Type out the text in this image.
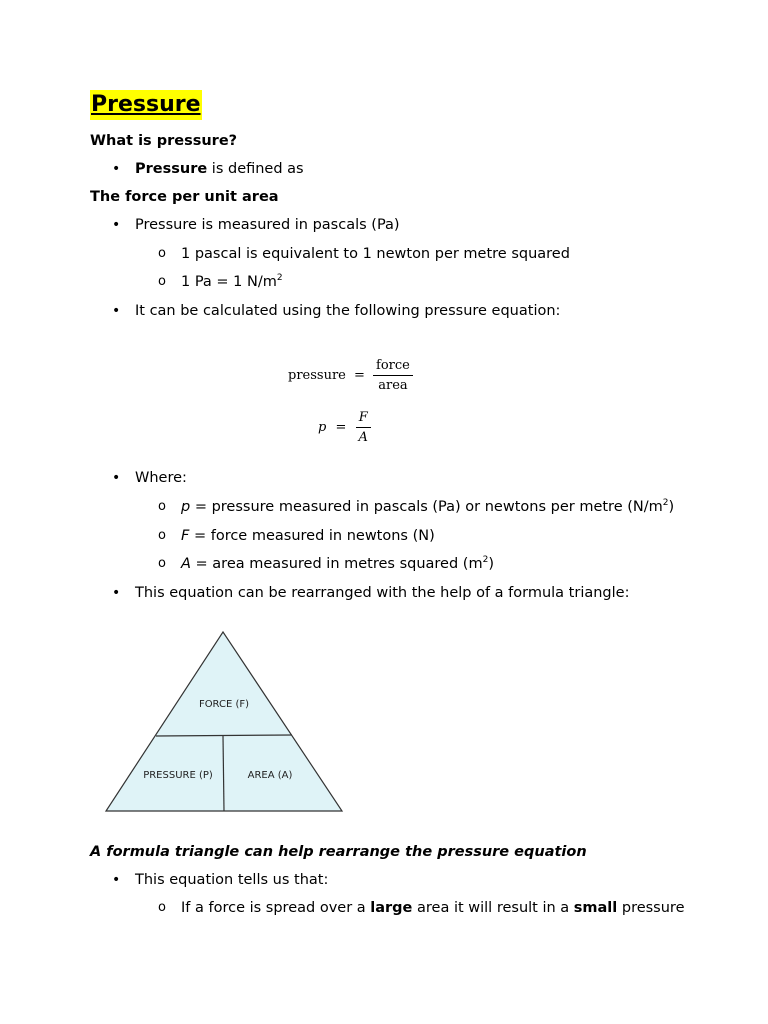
Pressure
What is pressure?
• Pressure is defined as
The force per unit area
• Pressure is measured in pascals (Pa)
o 1 pascal is equivalent to 1 newton per metre squared
o 1 Pa = 1 $N/m^2$
• It can be calculated using the following pressure equation:
pressure = $\frac{\text{force}}{\text{area}}$
$p = \frac{F}{A}$
• Where:
o p = pressure measured in pascals (Pa) or newtons per metre $(N/m^2)$
o F = force measured in newtons (N)
o A = area measured in metres squared $(m^2)$
• This equation can be rearranged with the help of a formula triangle:
FORCE (F)
PRESSURE (P)	AREA (A)
A formula triangle can help rearrange the pressure equation
• This equation tells us that:
o If a force is spread over a large area it will result in a small pressure
